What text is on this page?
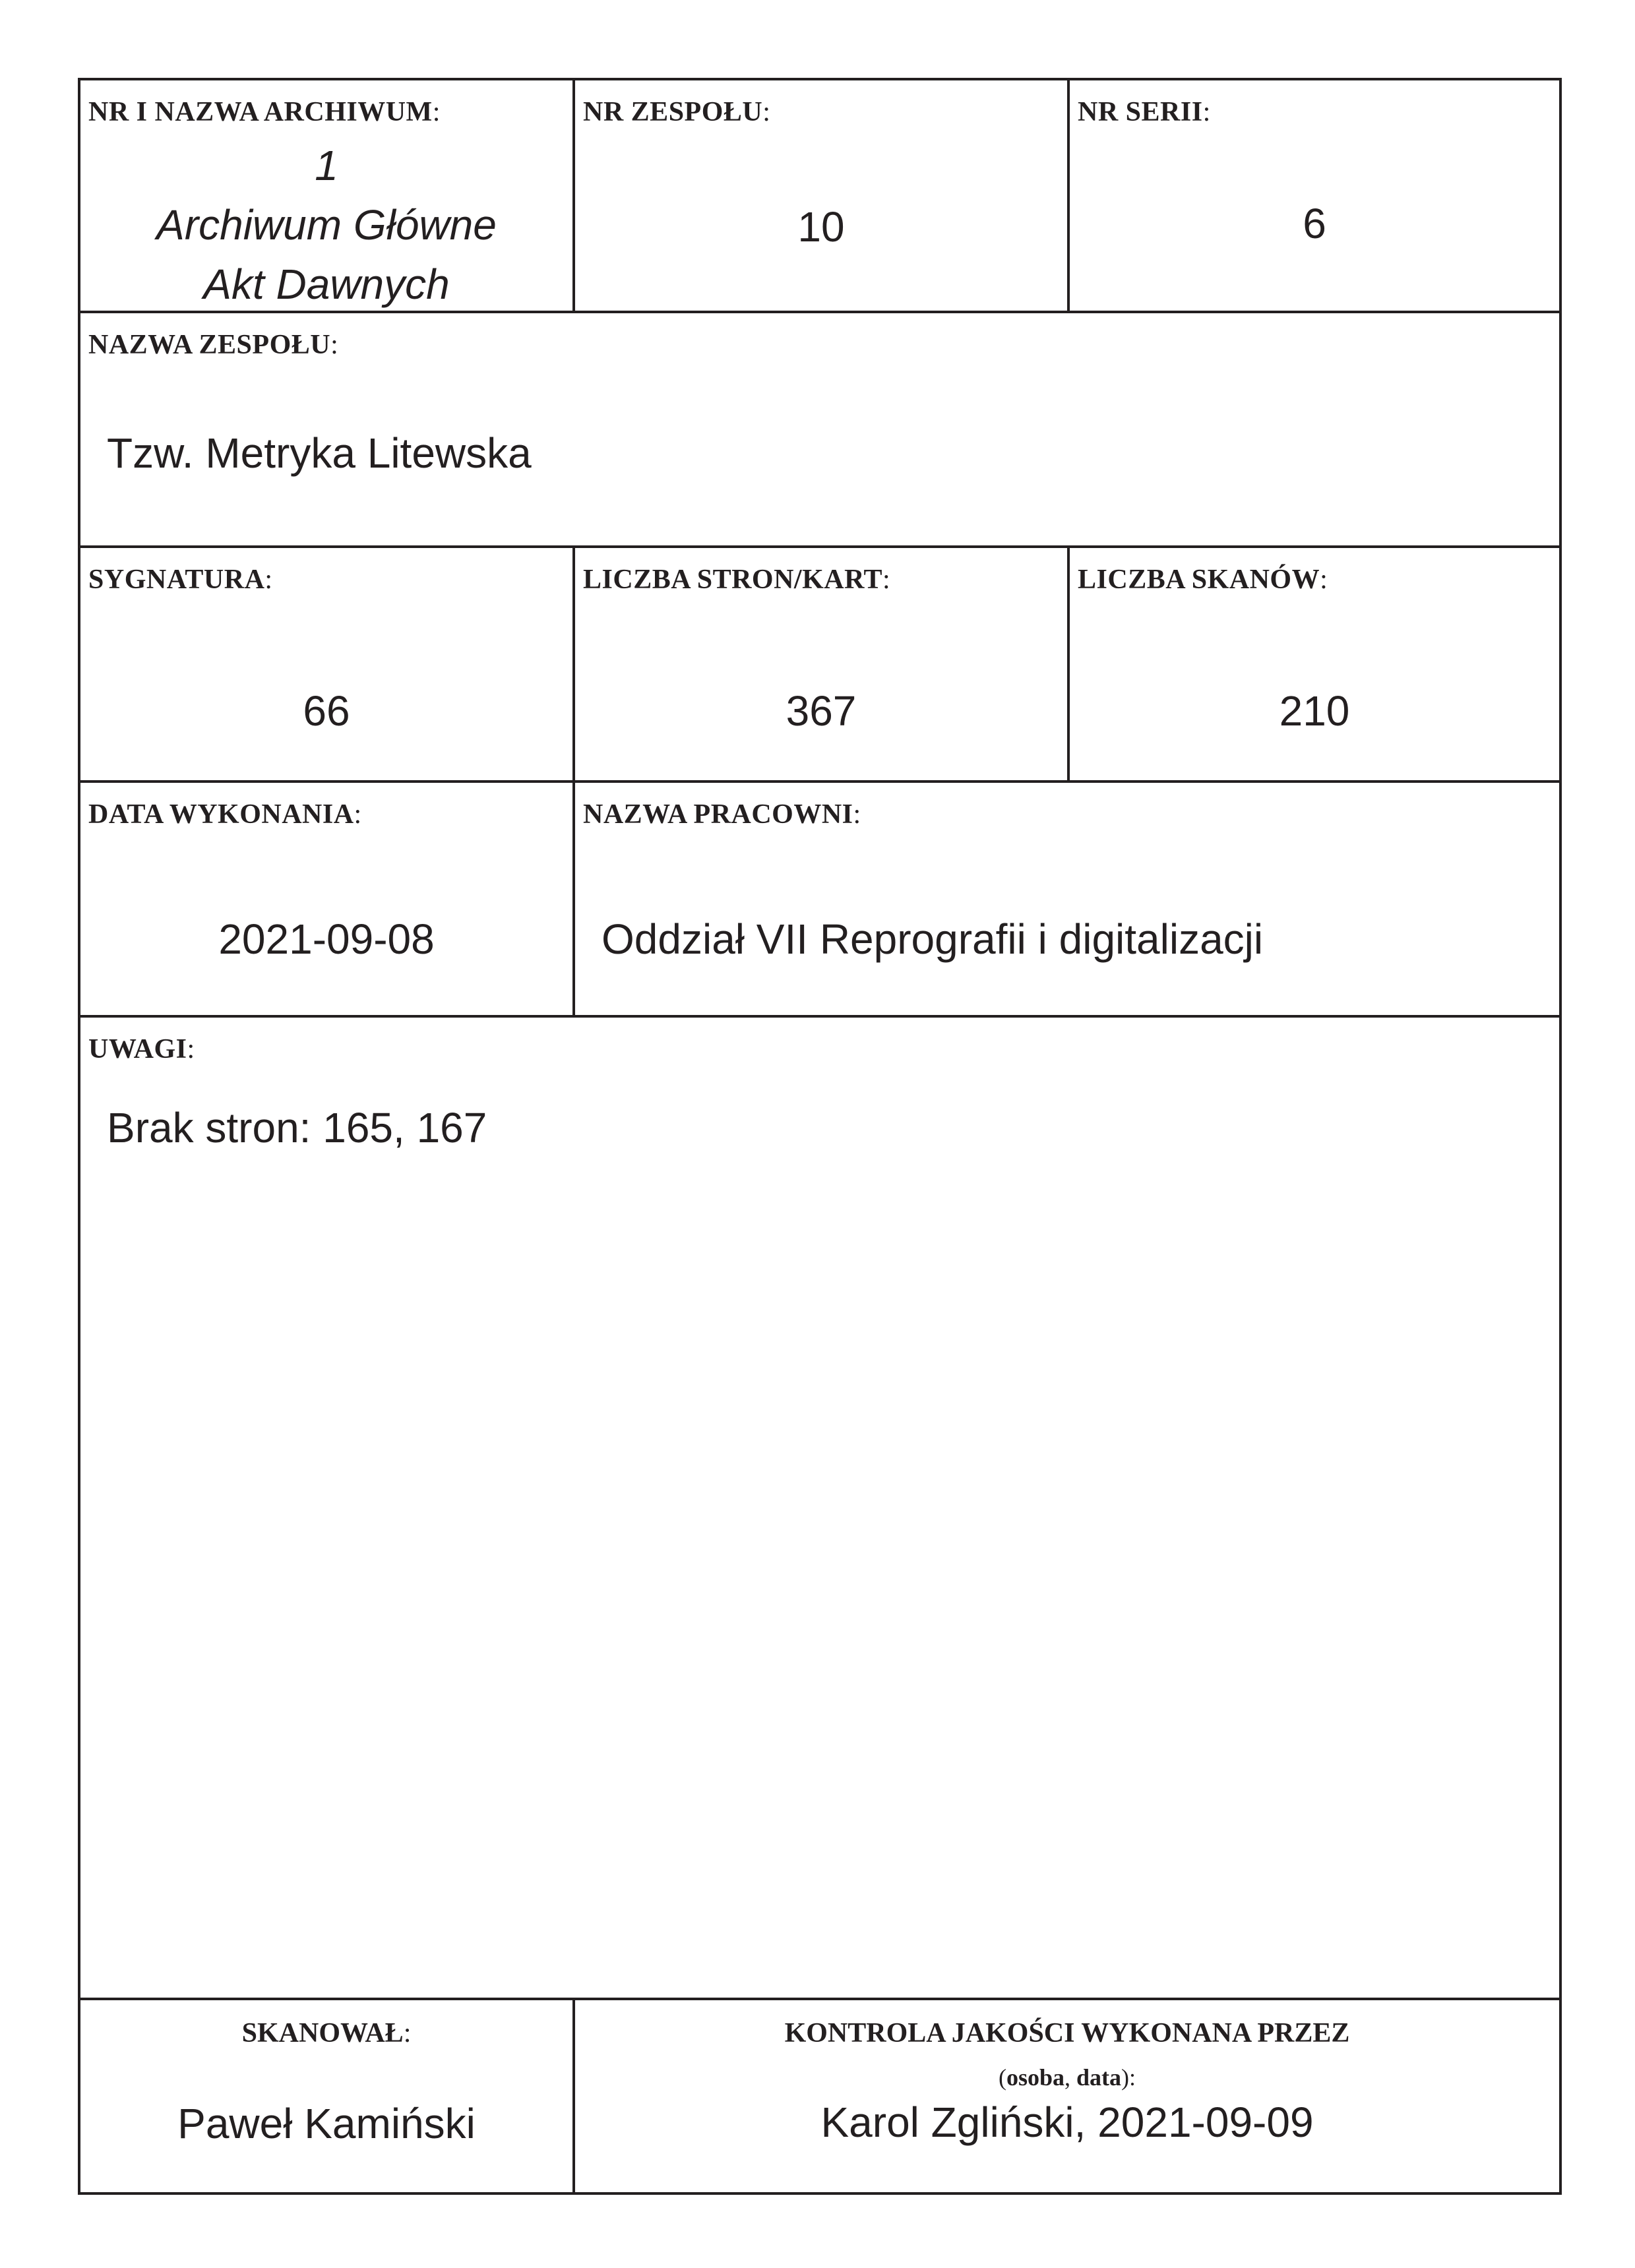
NR I NAZWA ARCHIWUM:
1
Archiwum Główne
Akt Dawnych
NR ZESPOŁU:
10
NR SERII:
6
NAZWA ZESPOŁU:
Tzw. Metryka Litewska
SYGNATURA:
66
LICZBA STRON/KART:
367
LICZBA SKANÓW:
210
DATA WYKONANIA:
2021-09-08
NAZWA PRACOWNI:
Oddział VII Reprografii i digitalizacji
UWAGI:
Brak stron: 165, 167
SKANOWAŁ:
Paweł Kamiński
KONTROLA JAKOŚCI WYKONANA PRZEZ
(osoba, data):
Karol Zgliński, 2021-09-09
